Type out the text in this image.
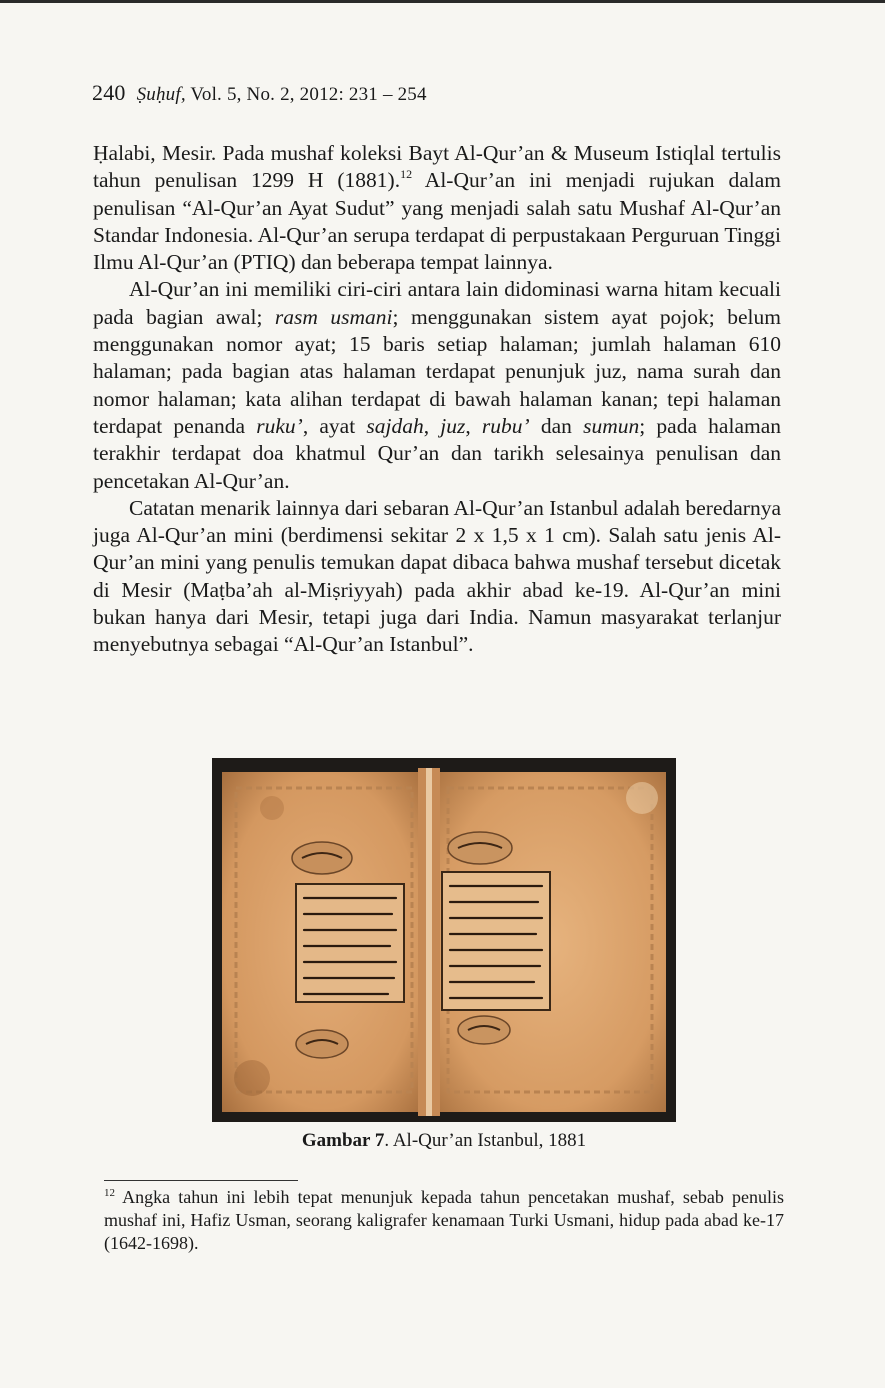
240 Ṣuḥuf, Vol. 5, No. 2, 2012: 231 – 254

Ḥalabi, Mesir. Pada mushaf koleksi Bayt Al-Qur’an & Museum Istiqlal tertulis tahun penulisan 1299 H (1881).$^{12}$ Al-Qur’an ini menjadi rujukan dalam penulisan “Al-Qur’an Ayat Sudut” yang menjadi salah satu Mushaf Al-Qur’an Standar Indonesia. Al-Qur’an serupa terdapat di perpustakaan Perguruan Tinggi Ilmu Al-Qur’an (PTIQ) dan beberapa tempat lainnya.

Al-Qur’an ini memiliki ciri-ciri antara lain didominasi warna hitam kecuali pada bagian awal; rasm usmani; menggunakan sistem ayat pojok; belum menggunakan nomor ayat; 15 baris setiap halaman; jumlah halaman 610 halaman; pada bagian atas halaman terdapat penunjuk juz, nama surah dan nomor halaman; kata alihan terdapat di bawah halaman kanan; tepi halaman terdapat penanda ruku’, ayat sajdah, juz, rubu’ dan sumun; pada halaman terakhir terdapat doa khatmul Qur’an dan tarikh selesainya penulisan dan pencetakan Al-Qur’an.

Catatan menarik lainnya dari sebaran Al-Qur’an Istanbul adalah beredarnya juga Al-Qur’an mini (berdimensi sekitar 2 x 1,5 x 1 cm). Salah satu jenis Al-Qur’an mini yang penulis temukan dapat dibaca bahwa mushaf tersebut dicetak di Mesir (Maṭba’ah al-Miṣriyyah) pada akhir abad ke-19. Al-Qur’an mini bukan hanya dari Mesir, tetapi juga dari India. Namun masyarakat terlanjur menyebutnya sebagai “Al-Qur’an Istanbul”.

Gambar 7. Al-Qur’an Istanbul, 1881
$^{12}$ Angka tahun ini lebih tepat menunjuk kepada tahun pencetakan mushaf, sebab penulis mushaf ini, Hafiz Usman, seorang kaligrafer kenamaan Turki Usmani, hidup pada abad ke-17 (1642-1698).
